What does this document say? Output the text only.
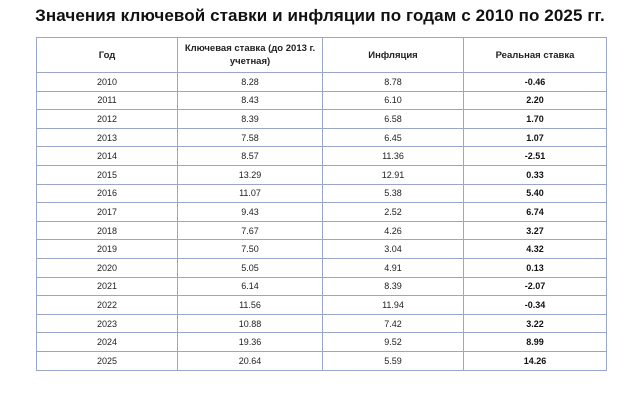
Значения ключевой ставки и инфляции по годам с 2010 по 2025 гг.
Год	Ключевая ставка (до 2013 г. учетная)	Инфляция	Реальная ставка
2010	8.28	8.78	-0.46
2011	8.43	6.10	2.20
2012	8.39	6.58	1.70
2013	7.58	6.45	1.07
2014	8.57	11.36	-2.51
2015	13.29	12.91	0.33
2016	11.07	5.38	5.40
2017	9.43	2.52	6.74
2018	7.67	4.26	3.27
2019	7.50	3.04	4.32
2020	5.05	4.91	0.13
2021	6.14	8.39	-2.07
2022	11.56	11.94	-0.34
2023	10.88	7.42	3.22
2024	19.36	9.52	8.99
2025	20.64	5.59	14.26
